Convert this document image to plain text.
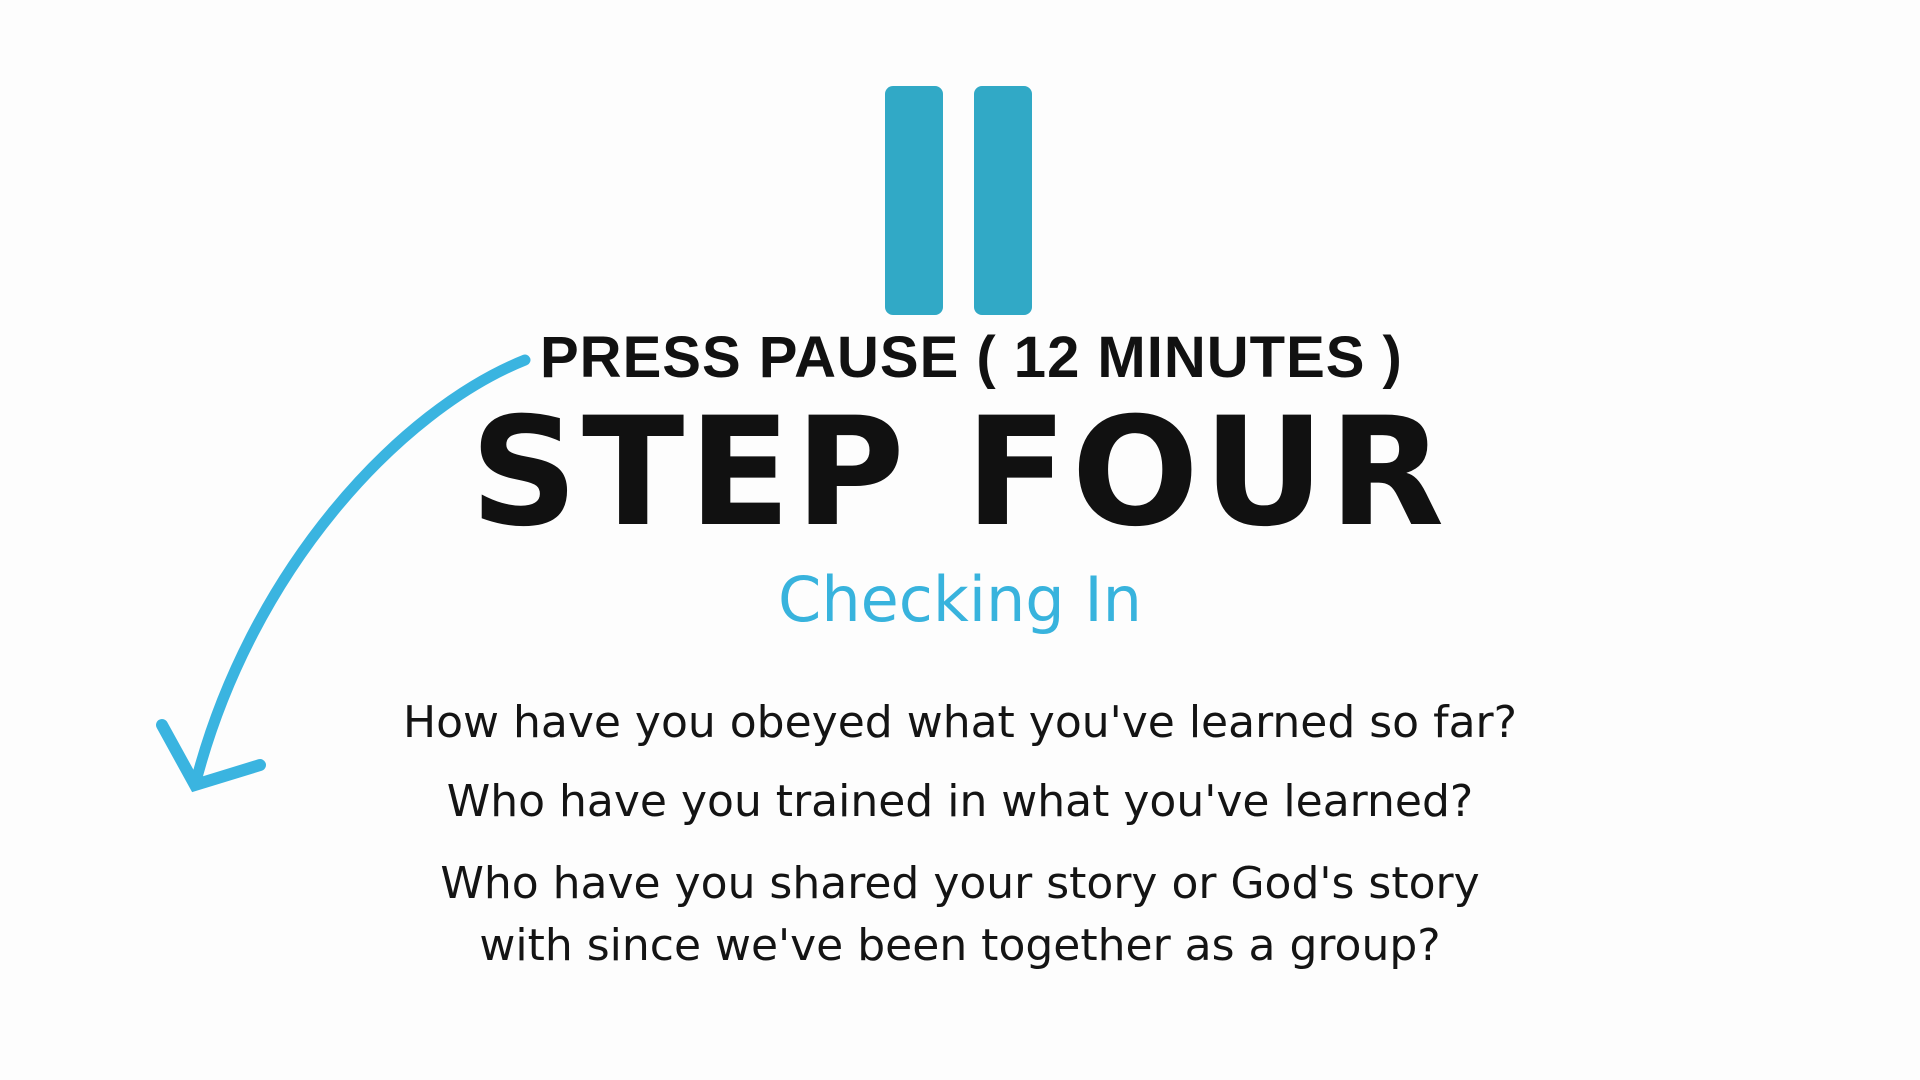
PRESS PAUSE ( 12 MINUTES )
STEP FOUR
Checking In
How have you obeyed what you've learned so far?
Who have you trained in what you've learned?
Who have you shared your story or God's story
with since we've been together as a group?
